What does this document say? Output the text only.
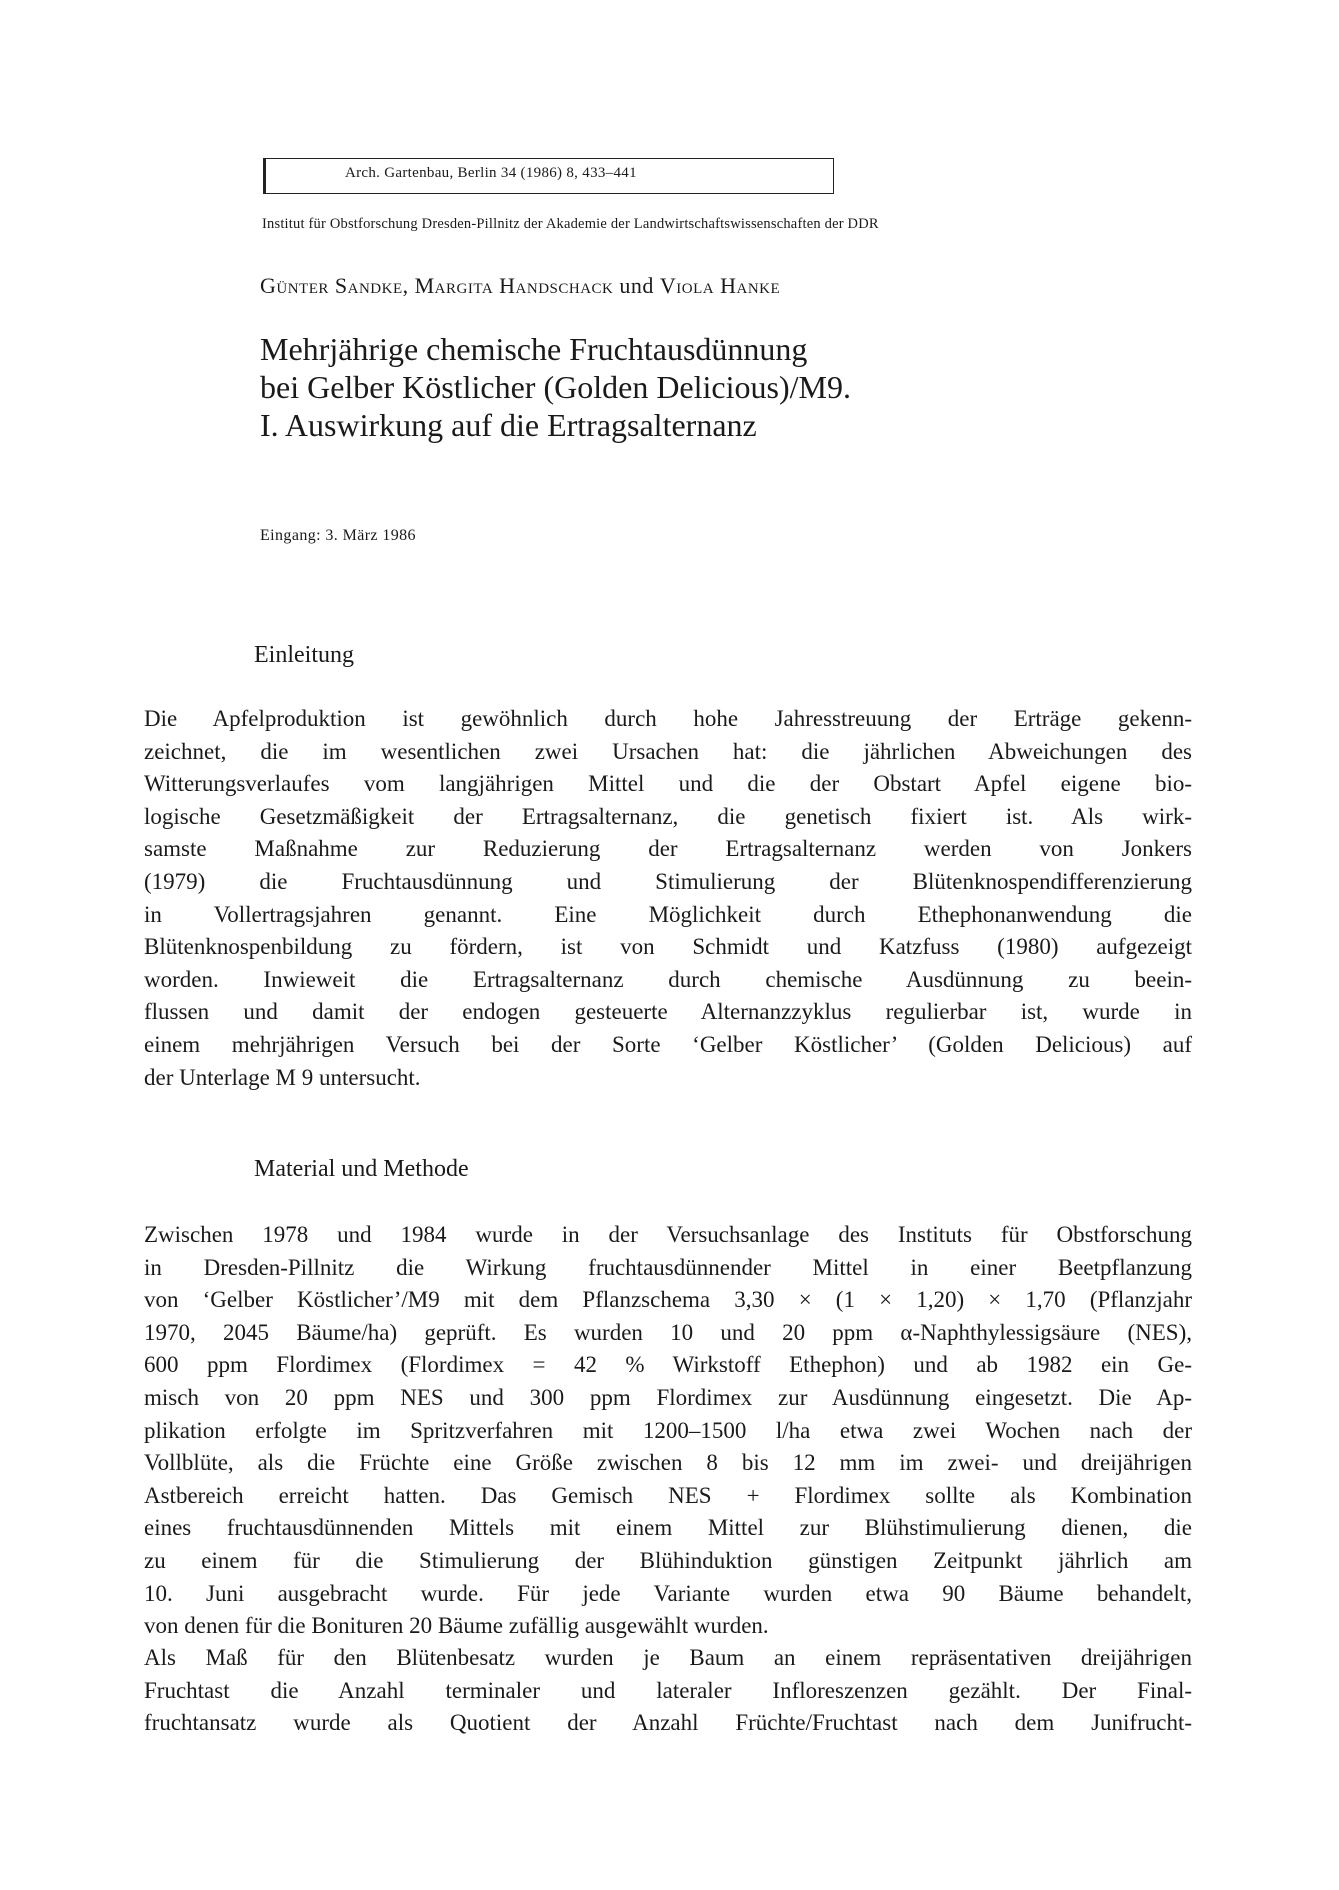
Arch. Gartenbau, Berlin 34 (1986) 8, 433–441
Institut für Obstforschung Dresden-Pillnitz der Akademie der Landwirtschaftswissenschaften der DDR
Günter Sandke, Margita Handschack und Viola Hanke
Mehrjährige chemische Fruchtausdünnung
bei Gelber Köstlicher (Golden Delicious)/M9.
I. Auswirkung auf die Ertragsalternanz
Eingang: 3. März 1986
Einleitung
Die Apfelproduktion ist gewöhnlich durch hohe Jahresstreuung der Erträge gekenn-
zeichnet, die im wesentlichen zwei Ursachen hat: die jährlichen Abweichungen des
Witterungsverlaufes vom langjährigen Mittel und die der Obstart Apfel eigene bio-
logische Gesetzmäßigkeit der Ertragsalternanz, die genetisch fixiert ist. Als wirk-
samste Maßnahme zur Reduzierung der Ertragsalternanz werden von Jonkers
(1979) die Fruchtausdünnung und Stimulierung der Blütenknospendifferenzierung
in Vollertragsjahren genannt. Eine Möglichkeit durch Ethephonanwendung die
Blütenknospenbildung zu fördern, ist von Schmidt und Katzfuss (1980) aufgezeigt
worden. Inwieweit die Ertragsalternanz durch chemische Ausdünnung zu beein-
flussen und damit der endogen gesteuerte Alternanzzyklus regulierbar ist, wurde in
einem mehrjährigen Versuch bei der Sorte ‘Gelber Köstlicher’ (Golden Delicious) auf
der Unterlage M 9 untersucht.
Material und Methode
Zwischen 1978 und 1984 wurde in der Versuchsanlage des Instituts für Obstforschung
in Dresden-Pillnitz die Wirkung fruchtausdünnender Mittel in einer Beetpflanzung
von ‘Gelber Köstlicher’/M9 mit dem Pflanzschema 3,30 × (1 × 1,20) × 1,70 (Pflanzjahr
1970, 2045 Bäume/ha) geprüft. Es wurden 10 und 20 ppm α-Naphthylessigsäure (NES),
600 ppm Flordimex (Flordimex = 42 % Wirkstoff Ethephon) und ab 1982 ein Ge-
misch von 20 ppm NES und 300 ppm Flordimex zur Ausdünnung eingesetzt. Die Ap-
plikation erfolgte im Spritzverfahren mit 1200–1500 l/ha etwa zwei Wochen nach der
Vollblüte, als die Früchte eine Größe zwischen 8 bis 12 mm im zwei- und dreijährigen
Astbereich erreicht hatten. Das Gemisch NES + Flordimex sollte als Kombination
eines fruchtausdünnenden Mittels mit einem Mittel zur Blühstimulierung dienen, die
zu einem für die Stimulierung der Blühinduktion günstigen Zeitpunkt jährlich am
10. Juni ausgebracht wurde. Für jede Variante wurden etwa 90 Bäume behandelt,
von denen für die Bonituren 20 Bäume zufällig ausgewählt wurden.
Als Maß für den Blütenbesatz wurden je Baum an einem repräsentativen dreijährigen
Fruchtast die Anzahl terminaler und lateraler Infloreszenzen gezählt. Der Final-
fruchtansatz wurde als Quotient der Anzahl Früchte/Fruchtast nach dem Junifrucht-
